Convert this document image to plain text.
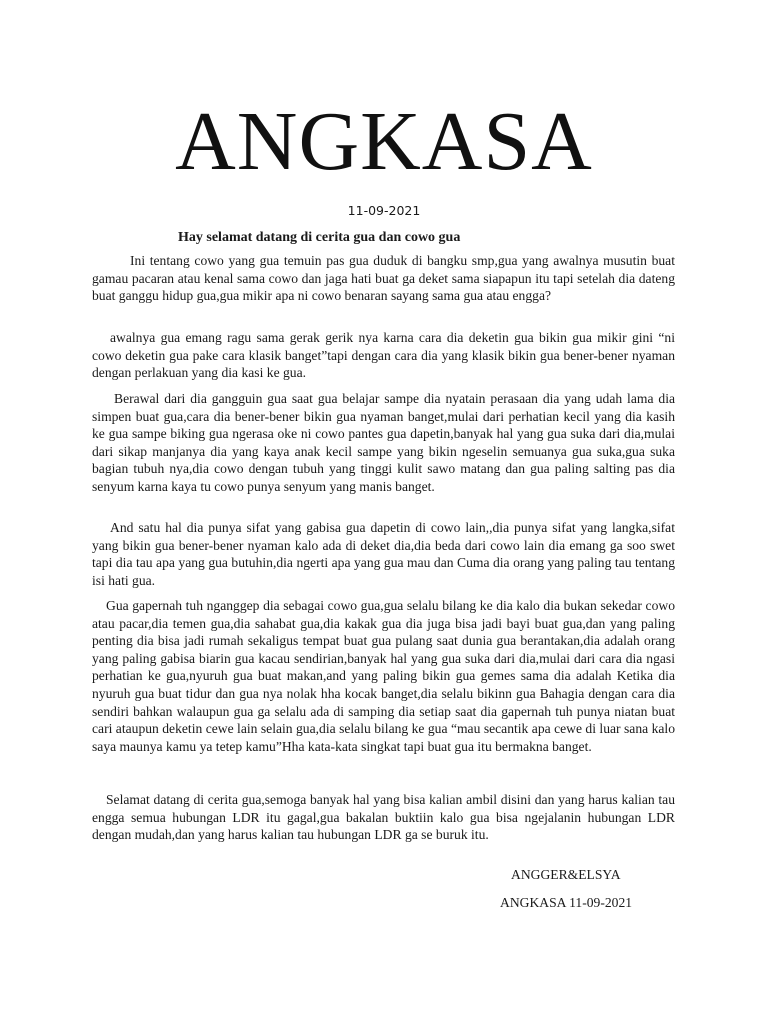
ANGKASA
11-09-2021
Hay selamat datang di cerita gua dan cowo gua

Ini tentang cowo yang gua temuin pas gua duduk di bangku smp,gua yang awalnya musutin buat gamau pacaran atau kenal sama cowo dan jaga hati buat ga deket sama siapapun itu tapi setelah dia dateng buat ganggu hidup gua,gua mikir apa ni cowo benaran sayang sama gua atau engga?

awalnya gua emang ragu sama gerak gerik nya karna cara dia deketin gua bikin gua mikir gini “ni cowo deketin gua pake cara klasik banget”tapi dengan cara dia yang klasik bikin gua bener-bener nyaman dengan perlakuan yang dia kasi ke gua.

Berawal dari dia gangguin gua saat gua belajar sampe dia nyatain perasaan dia yang udah lama dia simpen buat gua,cara dia bener-bener bikin gua nyaman banget,mulai dari perhatian kecil yang dia kasih ke gua sampe biking gua ngerasa oke ni cowo pantes gua dapetin,banyak hal yang gua suka dari dia,mulai dari sikap manjanya dia yang kaya anak kecil sampe yang bikin ngeselin semuanya gua suka,gua suka bagian tubuh nya,dia cowo dengan tubuh yang tinggi kulit sawo matang dan gua paling salting pas dia senyum karna kaya tu cowo punya senyum yang manis banget.

And satu hal dia punya sifat yang gabisa gua dapetin di cowo lain,,dia punya sifat yang langka,sifat yang bikin gua bener-bener nyaman kalo ada di deket dia,dia beda dari cowo lain dia emang ga soo swet tapi dia tau apa yang gua butuhin,dia ngerti apa yang gua mau dan Cuma dia orang yang paling tau tentang isi hati gua.

Gua gapernah tuh nganggep dia sebagai cowo gua,gua selalu bilang ke dia kalo dia bukan sekedar cowo atau pacar,dia temen gua,dia sahabat gua,dia kakak gua dia juga bisa jadi bayi buat gua,dan yang paling penting dia bisa jadi rumah sekaligus tempat buat gua pulang saat dunia gua berantakan,dia adalah orang yang paling gabisa biarin gua kacau sendirian,banyak hal yang gua suka dari dia,mulai dari cara dia ngasi perhatian ke gua,nyuruh gua buat makan,and yang paling bikin gua gemes sama dia adalah Ketika dia nyuruh gua buat tidur dan gua nya nolak hha kocak banget,dia selalu bikinn gua Bahagia dengan cara dia sendiri bahkan walaupun gua ga selalu ada di samping dia setiap saat dia gapernah tuh punya niatan buat cari ataupun deketin cewe lain selain gua,dia selalu bilang ke gua “mau secantik apa cewe di luar sana kalo saya maunya kamu ya tetep kamu”Hha kata-kata singkat tapi buat gua itu bermakna banget.

Selamat datang di cerita gua,semoga banyak hal yang bisa kalian ambil disini dan yang harus kalian tau engga semua hubungan LDR itu gagal,gua bakalan buktiin kalo gua bisa ngejalanin hubungan LDR dengan mudah,dan yang harus kalian tau hubungan LDR ga se buruk itu.

ANGGER&ELSYA
ANGKASA 11-09-2021
